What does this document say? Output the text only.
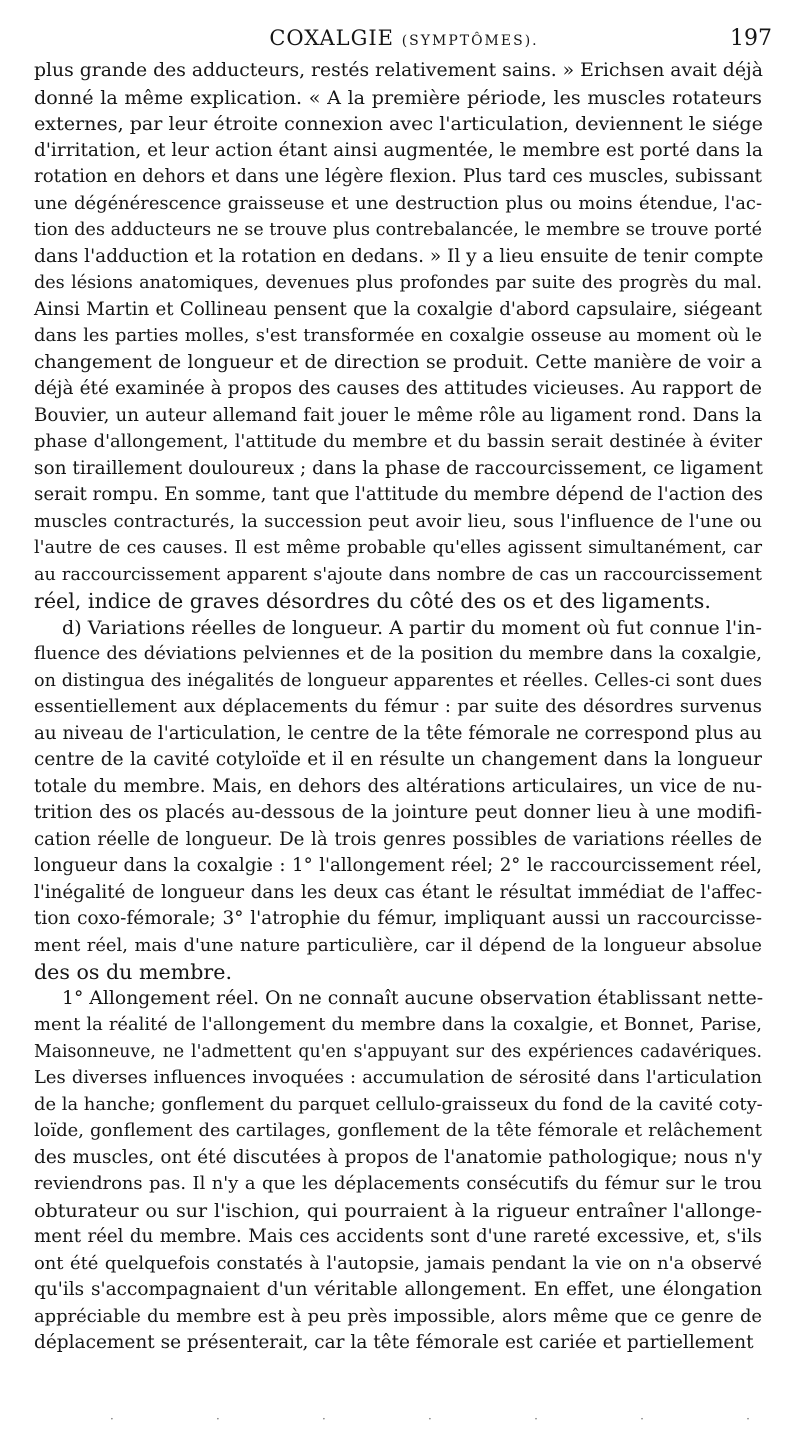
COXALGIE (SYMPTÔMES).	197

plus grande des adducteurs, restés relativement sains. » Erichsen avait déjà
donné la même explication. « A la première période, les muscles rotateurs
externes, par leur étroite connexion avec l'articulation, deviennent le siége
d'irritation, et leur action étant ainsi augmentée, le membre est porté dans la
rotation en dehors et dans une légère flexion. Plus tard ces muscles, subissant
une dégénérescence graisseuse et une destruction plus ou moins étendue, l'ac-
tion des adducteurs ne se trouve plus contrebalancée, le membre se trouve porté
dans l'adduction et la rotation en dedans. » Il y a lieu ensuite de tenir compte
des lésions anatomiques, devenues plus profondes par suite des progrès du mal.
Ainsi Martin et Collineau pensent que la coxalgie d'abord capsulaire, siégeant
dans les parties molles, s'est transformée en coxalgie osseuse au moment où le
changement de longueur et de direction se produit. Cette manière de voir a
déjà été examinée à propos des causes des attitudes vicieuses. Au rapport de
Bouvier, un auteur allemand fait jouer le même rôle au ligament rond. Dans la
phase d'allongement, l'attitude du membre et du bassin serait destinée à éviter
son tiraillement douloureux ; dans la phase de raccourcissement, ce ligament
serait rompu. En somme, tant que l'attitude du membre dépend de l'action des
muscles contracturés, la succession peut avoir lieu, sous l'influence de l'une ou
l'autre de ces causes. Il est même probable qu'elles agissent simultanément, car
au raccourcissement apparent s'ajoute dans nombre de cas un raccourcissement
réel, indice de graves désordres du côté des os et des ligaments.

d) Variations réelles de longueur. A partir du moment où fut connue l'in-
fluence des déviations pelviennes et de la position du membre dans la coxalgie,
on distingua des inégalités de longueur apparentes et réelles. Celles-ci sont dues
essentiellement aux déplacements du fémur : par suite des désordres survenus
au niveau de l'articulation, le centre de la tête fémorale ne correspond plus au
centre de la cavité cotyloïde et il en résulte un changement dans la longueur
totale du membre. Mais, en dehors des altérations articulaires, un vice de nu-
trition des os placés au-dessous de la jointure peut donner lieu à une modifi-
cation réelle de longueur. De là trois genres possibles de variations réelles de
longueur dans la coxalgie : 1° l'allongement réel; 2° le raccourcissement réel,
l'inégalité de longueur dans les deux cas étant le résultat immédiat de l'affec-
tion coxo-fémorale; 3° l'atrophie du fémur, impliquant aussi un raccourcisse-
ment réel, mais d'une nature particulière, car il dépend de la longueur absolue
des os du membre.

1° Allongement réel. On ne connaît aucune observation établissant nette-
ment la réalité de l'allongement du membre dans la coxalgie, et Bonnet, Parise,
Maisonneuve, ne l'admettent qu'en s'appuyant sur des expériences cadavériques.
Les diverses influences invoquées : accumulation de sérosité dans l'articulation
de la hanche; gonflement du parquet cellulo-graisseux du fond de la cavité coty-
loïde, gonflement des cartilages, gonflement de la tête fémorale et relâchement
des muscles, ont été discutées à propos de l'anatomie pathologique; nous n'y
reviendrons pas. Il n'y a que les déplacements consécutifs du fémur sur le trou
obturateur ou sur l'ischion, qui pourraient à la rigueur entraîner l'allonge-
ment réel du membre. Mais ces accidents sont d'une rareté excessive, et, s'ils
ont été quelquefois constatés à l'autopsie, jamais pendant la vie on n'a observé
qu'ils s'accompagnaient d'un véritable allongement. En effet, une élongation
appréciable du membre est à peu près impossible, alors même que ce genre de
déplacement se présenterait, car la tête fémorale est cariée et partiellement

·	·	·	·	·	·	·
